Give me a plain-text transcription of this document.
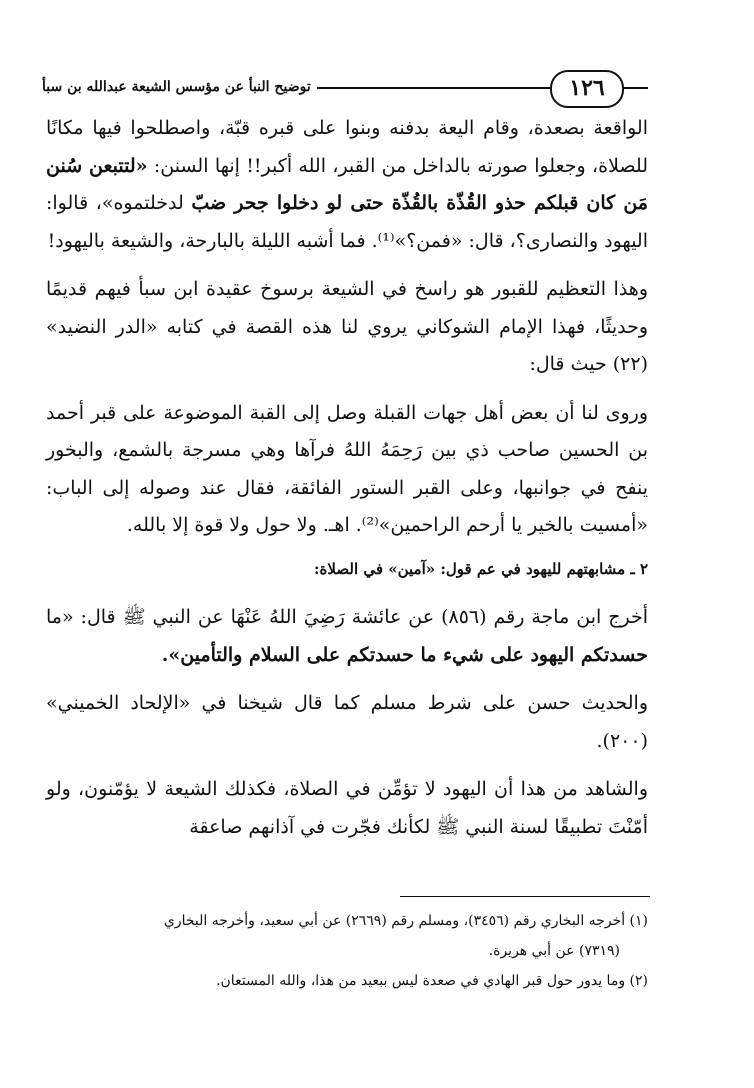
١٢٦
توضيح النبأ عن مؤسس الشيعة عبدالله بن سبأ

الواقعة بصعدة، وقام اليعة بدفنه وبنوا على قبره قبّة، واصطلحوا فيها مكانًا للصلاة، وجعلوا صورته بالداخل من القبر، الله أكبر!! إنها السنن: «لتتبعن سُنن مَن كان قبلكم حذو القُذّة بالقُذّة حتى لو دخلوا جحر ضبّ لدخلتموه»، قالوا: اليهود والنصارى؟، قال: «فمن؟»⁽¹⁾. فما أشبه الليلة بالبارحة، والشيعة باليهود!

وهذا التعظيم للقبور هو راسخ في الشيعة برسوخ عقيدة ابن سبأ فيهم قديمًا وحديثًا، فهذا الإمام الشوكاني يروي لنا هذه القصة في كتابه «الدر النضيد» (٢٢) حيث قال:

وروى لنا أن بعض أهل جهات القبلة وصل إلى القبة الموضوعة على قبر أحمد بن الحسين صاحب ذي بين رَحِمَهُ اللهُ فرآها وهي مسرجة بالشمع، والبخور ينفح في جوانبها، وعلى القبر الستور الفائقة، فقال عند وصوله إلى الباب: «أمسيت بالخير يا أرحم الراحمين»⁽²⁾. اهـ. ولا حول ولا قوة إلا بالله.

٢ ـ مشابهتهم لليهود في عم قول: «آمين» في الصلاة:

أخرج ابن ماجة رقم (٨٥٦) عن عائشة رَضِيَ اللهُ عَنْهَا عن النبي ﷺ قال: «ما حسدتكم اليهود على شيء ما حسدتكم على السلام والتأمين».

والحديث حسن على شرط مسلم كما قال شيخنا في «الإلحاد الخميني» (٢٠٠).

والشاهد من هذا أن اليهود لا تؤمِّن في الصلاة، فكذلك الشيعة لا يؤمّنون، ولو أمّنْتَ تطبيقًا لسنة النبي ﷺ لكأنك فجّرت في آذانهم صاعقة

(١) أخرجه البخاري رقم (٣٤٥٦)، ومسلم رقم (٢٦٦٩) عن أبي سعيد، وأخرجه البخاري

(٧٣١٩) عن أبي هريرة.

(٢) وما يدور حول قبر الهادي في صعدة ليس ببعيد من هذا، والله المستعان.
